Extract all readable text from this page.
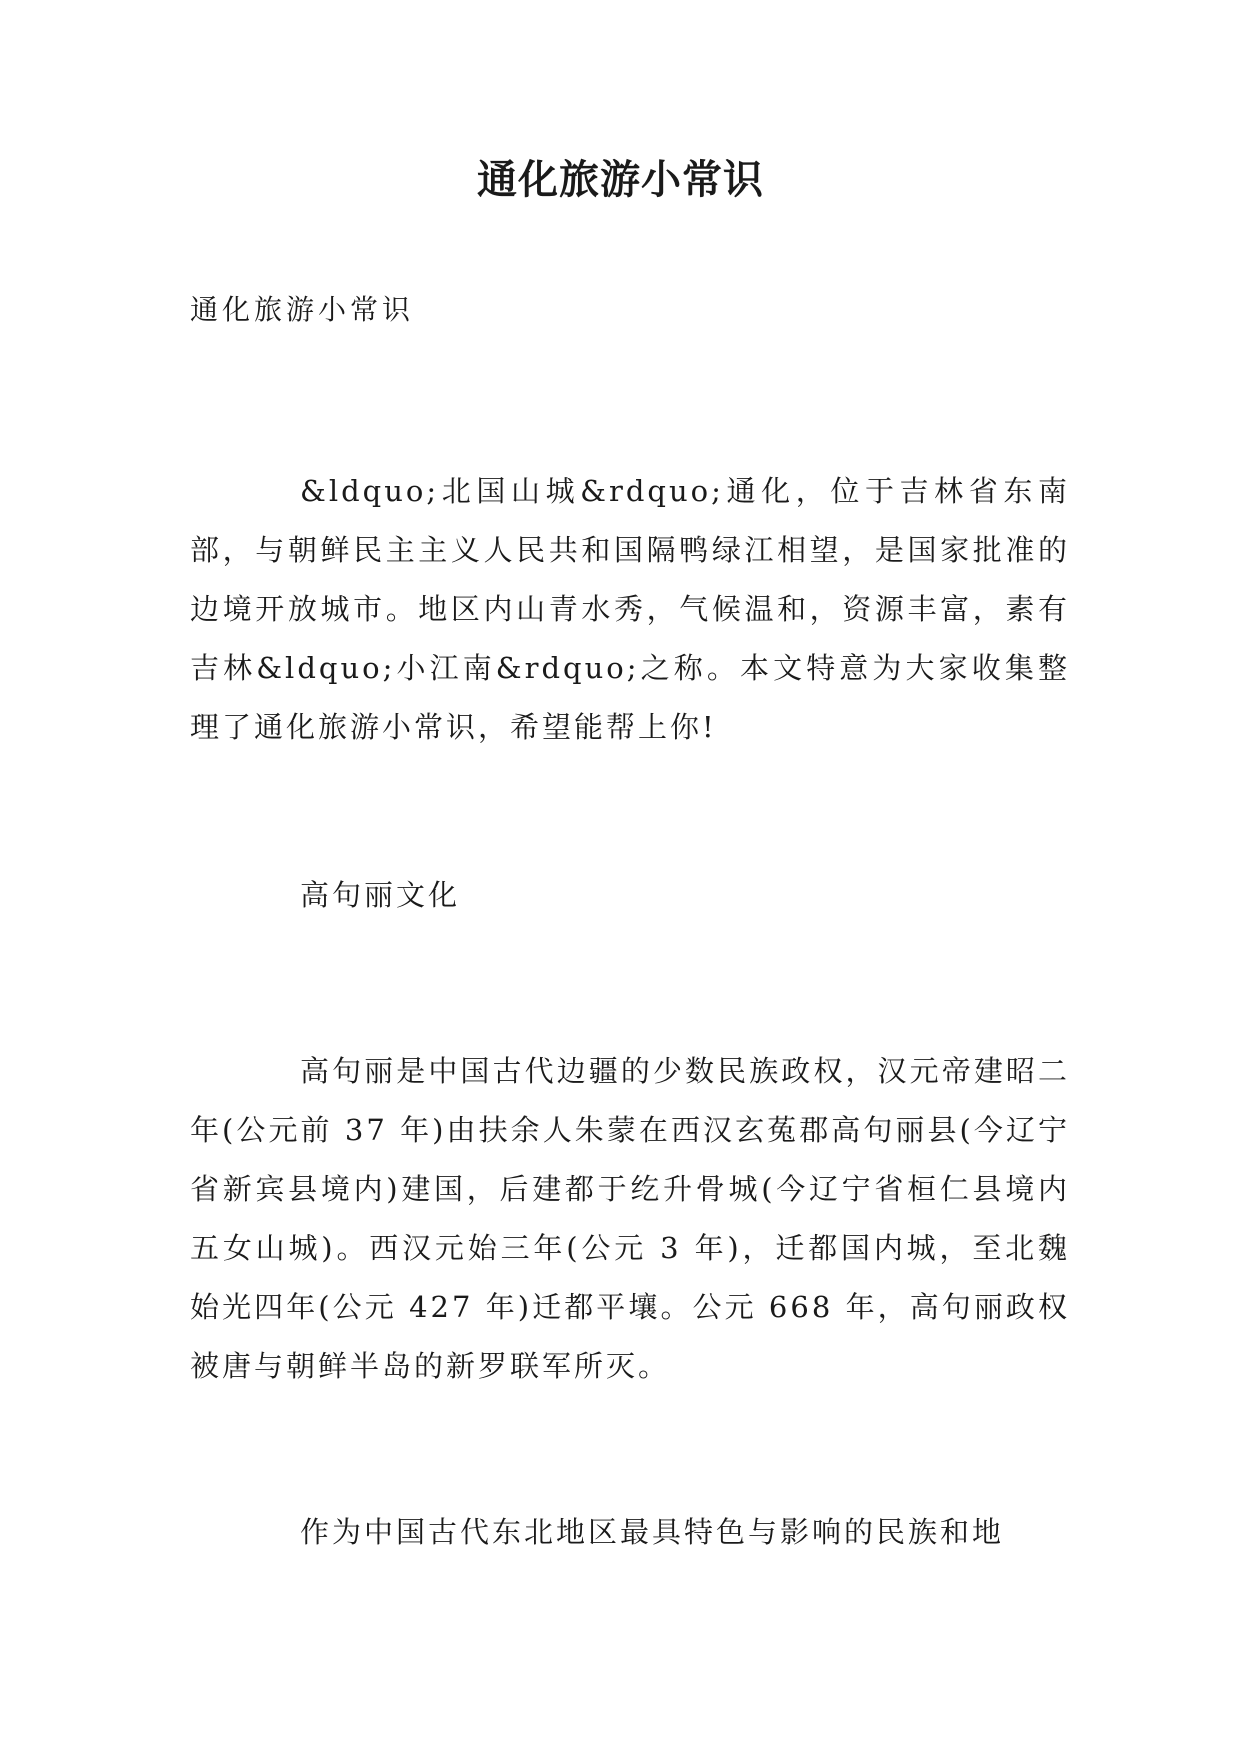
通化旅游小常识
通化旅游小常识

&ldquo;北国山城&rdquo;通化，位于吉林省东南部，与朝鲜民主主义人民共和国隔鸭绿江相望，是国家批准的边境开放城市。地区内山青水秀，气候温和，资源丰富，素有吉林&ldquo;小江南&rdquo;之称。本文特意为大家收集整理了通化旅游小常识，希望能帮上你!

高句丽文化

高句丽是中国古代边疆的少数民族政权，汉元帝建昭二年(公元前 37 年)由扶余人朱蒙在西汉玄菟郡高句丽县(今辽宁省新宾县境内)建国，后建都于纥升骨城(今辽宁省桓仁县境内五女山城)。西汉元始三年(公元 3 年)，迁都国内城，至北魏始光四年(公元 427 年)迁都平壤。公元 668 年，高句丽政权被唐与朝鲜半岛的新罗联军所灭。

作为中国古代东北地区最具特色与影响的民族和地
